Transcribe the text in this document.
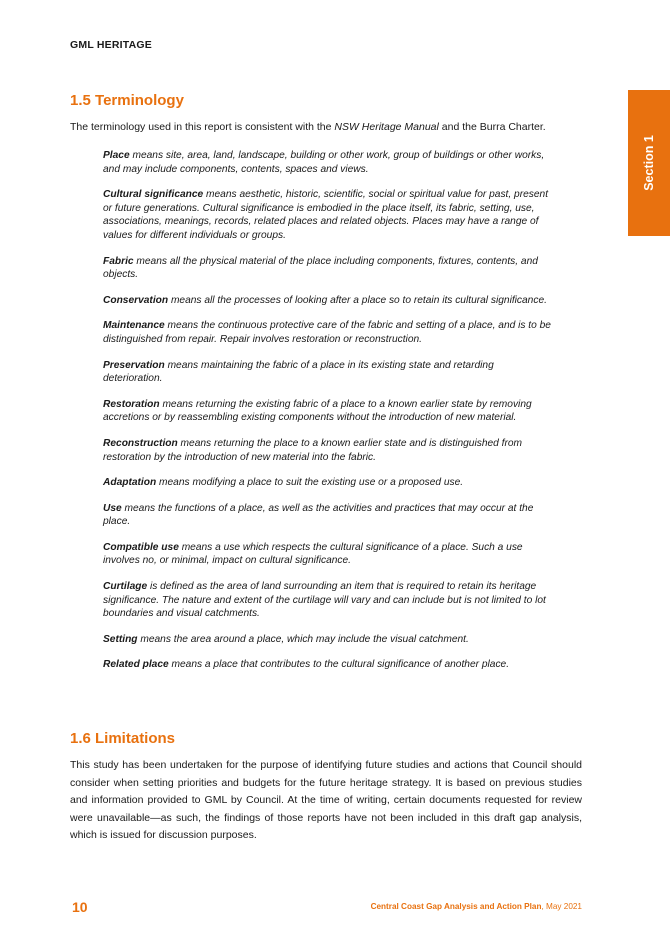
GML HERITAGE
Section 1
1.5 Terminology
The terminology used in this report is consistent with the NSW Heritage Manual and the Burra Charter.

Place means site, area, land, landscape, building or other work, group of buildings or other works, and may include components, contents, spaces and views.

Cultural significance means aesthetic, historic, scientific, social or spiritual value for past, present or future generations. Cultural significance is embodied in the place itself, its fabric, setting, use, associations, meanings, records, related places and related objects. Places may have a range of values for different individuals or groups.

Fabric means all the physical material of the place including components, fixtures, contents, and objects.

Conservation means all the processes of looking after a place so to retain its cultural significance.

Maintenance means the continuous protective care of the fabric and setting of a place, and is to be distinguished from repair. Repair involves restoration or reconstruction.

Preservation means maintaining the fabric of a place in its existing state and retarding deterioration.

Restoration means returning the existing fabric of a place to a known earlier state by removing accretions or by reassembling existing components without the introduction of new material.

Reconstruction means returning the place to a known earlier state and is distinguished from restoration by the introduction of new material into the fabric.

Adaptation means modifying a place to suit the existing use or a proposed use.

Use means the functions of a place, as well as the activities and practices that may occur at the place.

Compatible use means a use which respects the cultural significance of a place. Such a use involves no, or minimal, impact on cultural significance.

Curtilage is defined as the area of land surrounding an item that is required to retain its heritage significance. The nature and extent of the curtilage will vary and can include but is not limited to lot boundaries and visual catchments.

Setting means the area around a place, which may include the visual catchment.

Related place means a place that contributes to the cultural significance of another place.

1.6 Limitations

This study has been undertaken for the purpose of identifying future studies and actions that Council should consider when setting priorities and budgets for the future heritage strategy. It is based on previous studies and information provided to GML by Council. At the time of writing, certain documents requested for review were unavailable—as such, the findings of those reports have not been included in this draft gap analysis, which is issued for discussion purposes.

10	Central Coast Gap Analysis and Action Plan, May 2021
